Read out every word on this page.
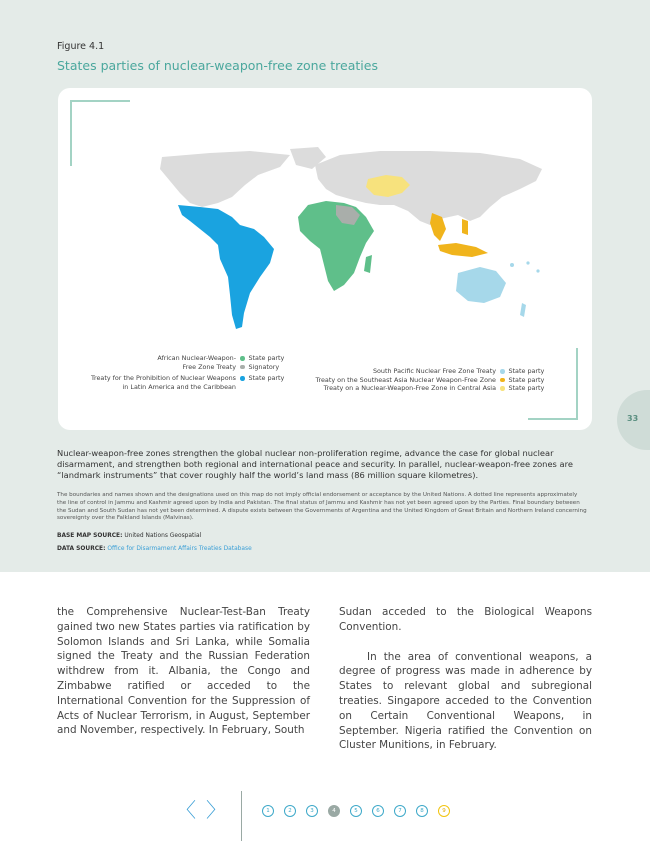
Figure 4.1
States parties of nuclear-weapon-free zone treaties
African Nuclear-Weapon-
Free Zone Treaty
State party
Signatory
Treaty for the Prohibition of Nuclear Weapons
in Latin America and the Caribbean
State party
South Pacific Nuclear Free Zone Treaty State party
Treaty on the Southeast Asia Nuclear Weapon-Free Zone State party
Treaty on a Nuclear-Weapon-Free Zone in Central Asia State party
33
Nuclear-weapon-free zones strengthen the global nuclear non-proliferation regime, advance the case for global nuclear disarmament, and strengthen both regional and international peace and security. In parallel, nuclear-weapon-free zones are “landmark instruments” that cover roughly half the world’s land mass (86 million square kilometres).
The boundaries and names shown and the designations used on this map do not imply official endorsement or acceptance by the United Nations. A dotted line represents approximately the line of control in Jammu and Kashmir agreed upon by India and Pakistan. The final status of Jammu and Kashmir has not yet been agreed upon by the Parties. Final boundary between the Sudan and South Sudan has not yet been determined. A dispute exists between the Governments of Argentina and the United Kingdom of Great Britain and Northern Ireland concerning sovereignty over the Falkland Islands (Malvinas).
BASE MAP SOURCE: United Nations Geospatial
DATA SOURCE: Office for Disarmament Affairs Treaties Database

the Comprehensive Nuclear-Test-Ban Treaty gained two new States parties via ratification by Solomon Islands and Sri Lanka, while Somalia signed the Treaty and the Russian Federation withdrew from it. Albania, the Congo and Zimbabwe ratified or acceded to the International Convention for the Suppression of Acts of Nuclear Terrorism, in August, September and November, respectively. In February, South

Sudan acceded to the Biological Weapons Convention.

In the area of conventional weapons, a degree of progress was made in adherence by States to relevant global and subregional treaties. Singapore acceded to the Convention on Certain Conventional Weapons, in September. Nigeria ratified the Convention on Cluster Munitions, in February.

〈 〉	1	2	3	4	5	6	7	8	9
